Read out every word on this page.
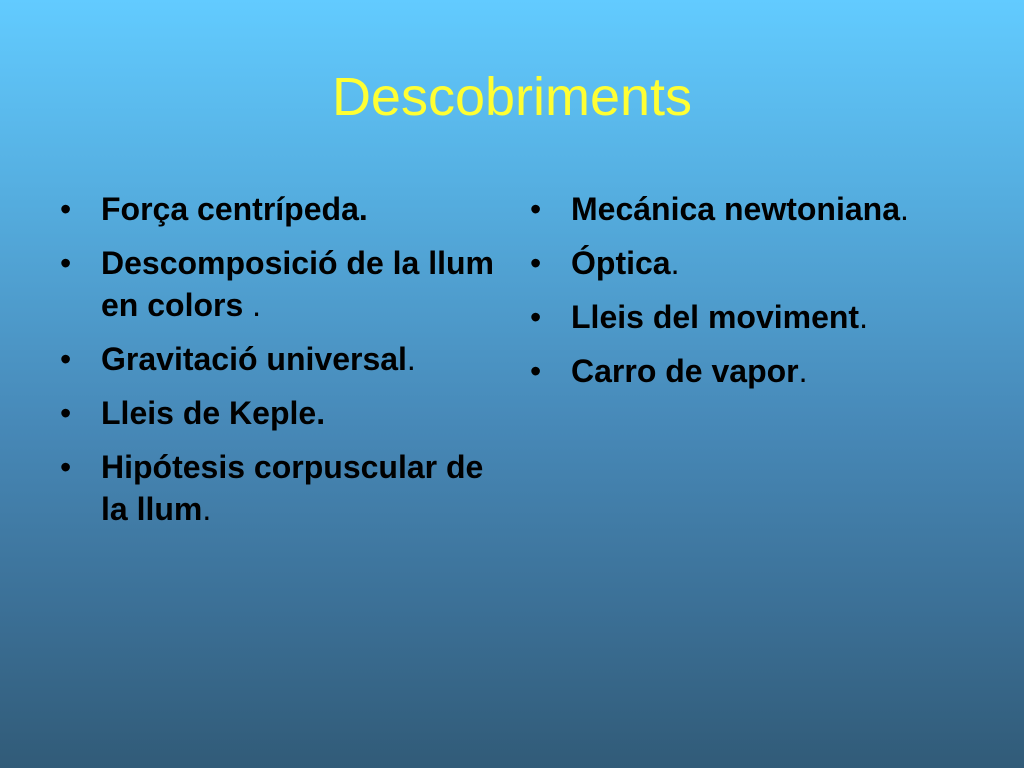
Descobriments
• Força centrípeda.
• Descomposició de la llum en colors .
• Gravitació universal.
• Lleis de Keple.
• Hipótesis corpuscular de la llum.
• Mecánica newtoniana.
• Óptica.
• Lleis del moviment.
• Carro de vapor.
